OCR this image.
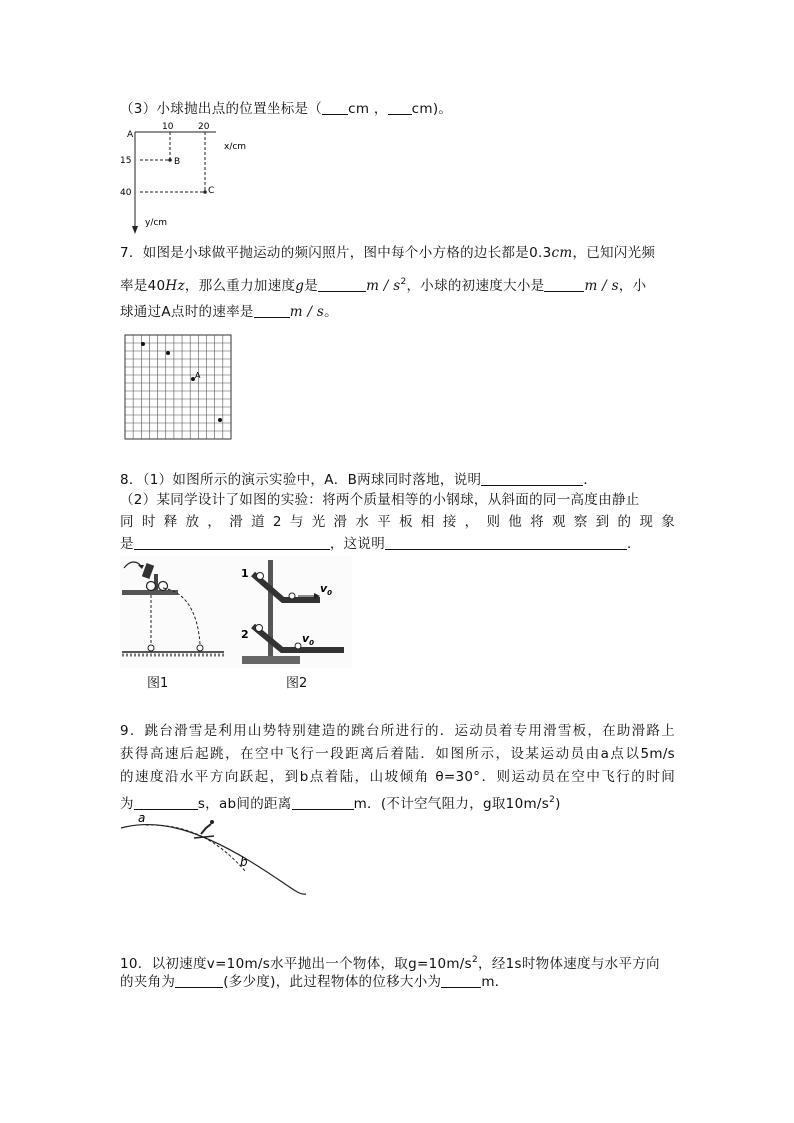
（3）小球抛出点的位置坐标是（ cm ， cm)。
A
10	20
15
40
x/cm
y/cm
B
C
7．如图是小球做平抛运动的频闪照片，图中每个小方格的边长都是0.3cm，已知闪光频
率是40Hz，那么重力加速度g是	m / $s^2$，小球的初速度大小是	m / s，小
球通过A点时的速率是	m / s。
A
8．（1）如图所示的演示实验中，A．B两球同时落地，说明	．
（2）某同学设计了如图的实验：将两个质量相等的小钢球，从斜面的同一高度由静止
同时释放，滑道2与光滑水平板相接，则他将观察到的现象
是	，这说明	．
1
2
$v_0$
$v_0$
图1	图2
9．跳台滑雪是利用山势特别建造的跳台所进行的．运动员着专用滑雪板，在助滑路上
获得高速后起跳，在空中飞行一段距离后着陆．如图所示，设某运动员由a点以5m/s
的速度沿水平方向跃起，到b点着陆，山坡倾角 θ=30°．则运动员在空中飞行的时间
为	s，ab间的距离	m．(不计空气阻力，g取$10m/s^2$)
a
b
10．以初速度v=10m/s水平抛出一个物体，取$g=10m/s^2$，经1s时物体速度与水平方向
的夹角为	(多少度)，此过程物体的位移大小为	m．
